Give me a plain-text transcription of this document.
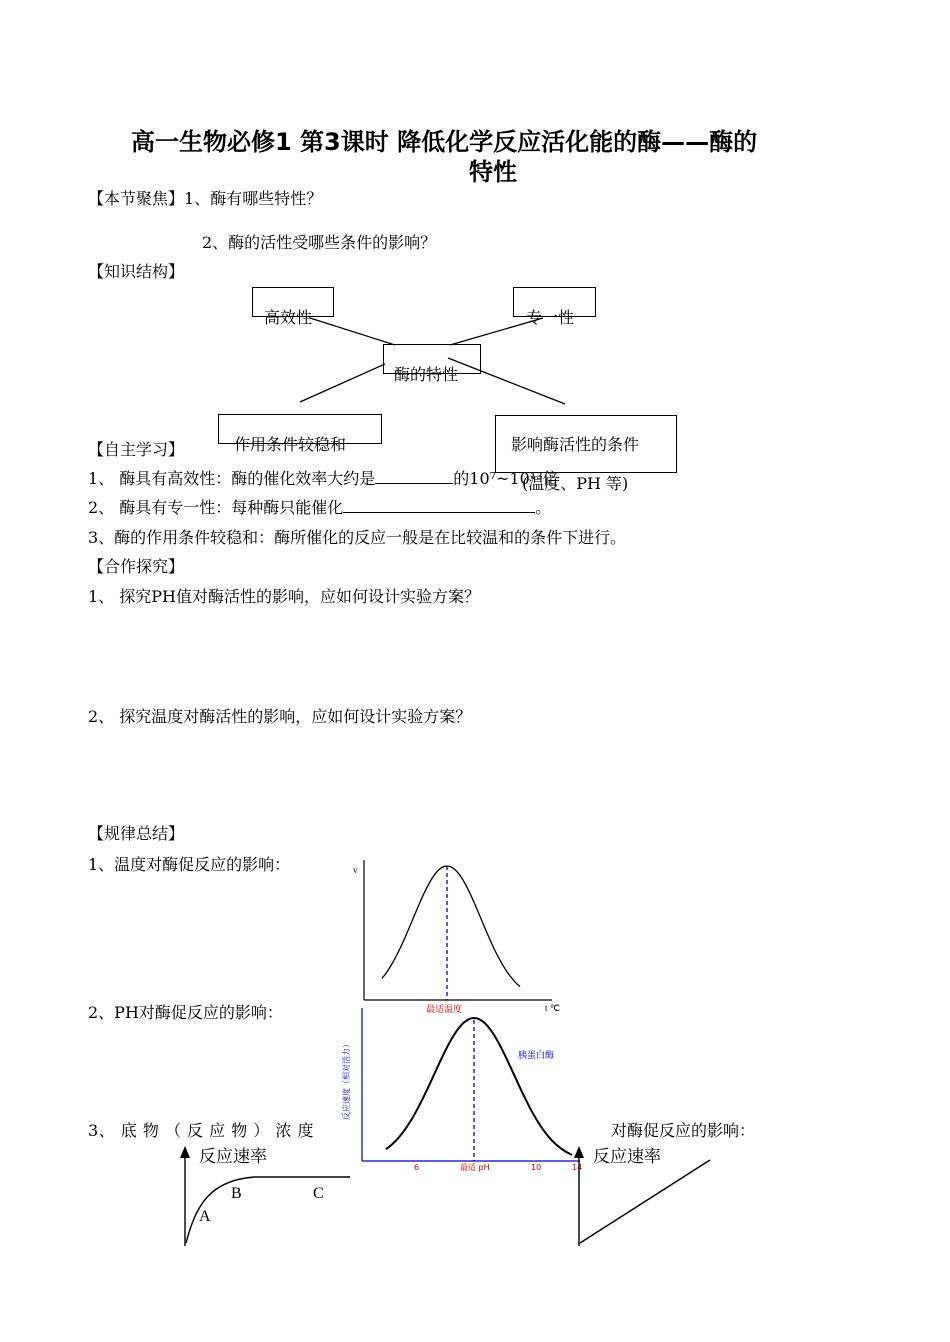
高一生物必修1 第3课时 降低化学反应活化能的酶——酶的
特性
【本节聚焦】1、酶有哪些特性？
2、酶的活性受哪些条件的影响？
【知识结构】
高效性	专一性
酶的特性
作用条件较稳和	影响酶活性的条件
(温度、PH 等)
【自主学习】
1、 酶具有高效性：酶的催化效率大约是	的10⁷~10¹³倍
2、 酶具有专一性：每种酶只能催化	。
3、酶的作用条件较稳和：酶所催化的反应一般是在比较温和的条件下进行。
【合作探究】
1、 探究PH值对酶活性的影响，应如何设计实验方案？
2、 探究温度对酶活性的影响，应如何设计实验方案？
【规律总结】
1、温度对酶促反应的影响：
2、PH对酶促反应的影响：
3、 底 物 （ 反 应 物 ） 浓 度	对酶促反应的影响：
v
t ℃
最适温度
反应速度（相对活力）	胰蛋白酶
6	最适 pH	10	14
反应速率
A
B	C
反应速率
